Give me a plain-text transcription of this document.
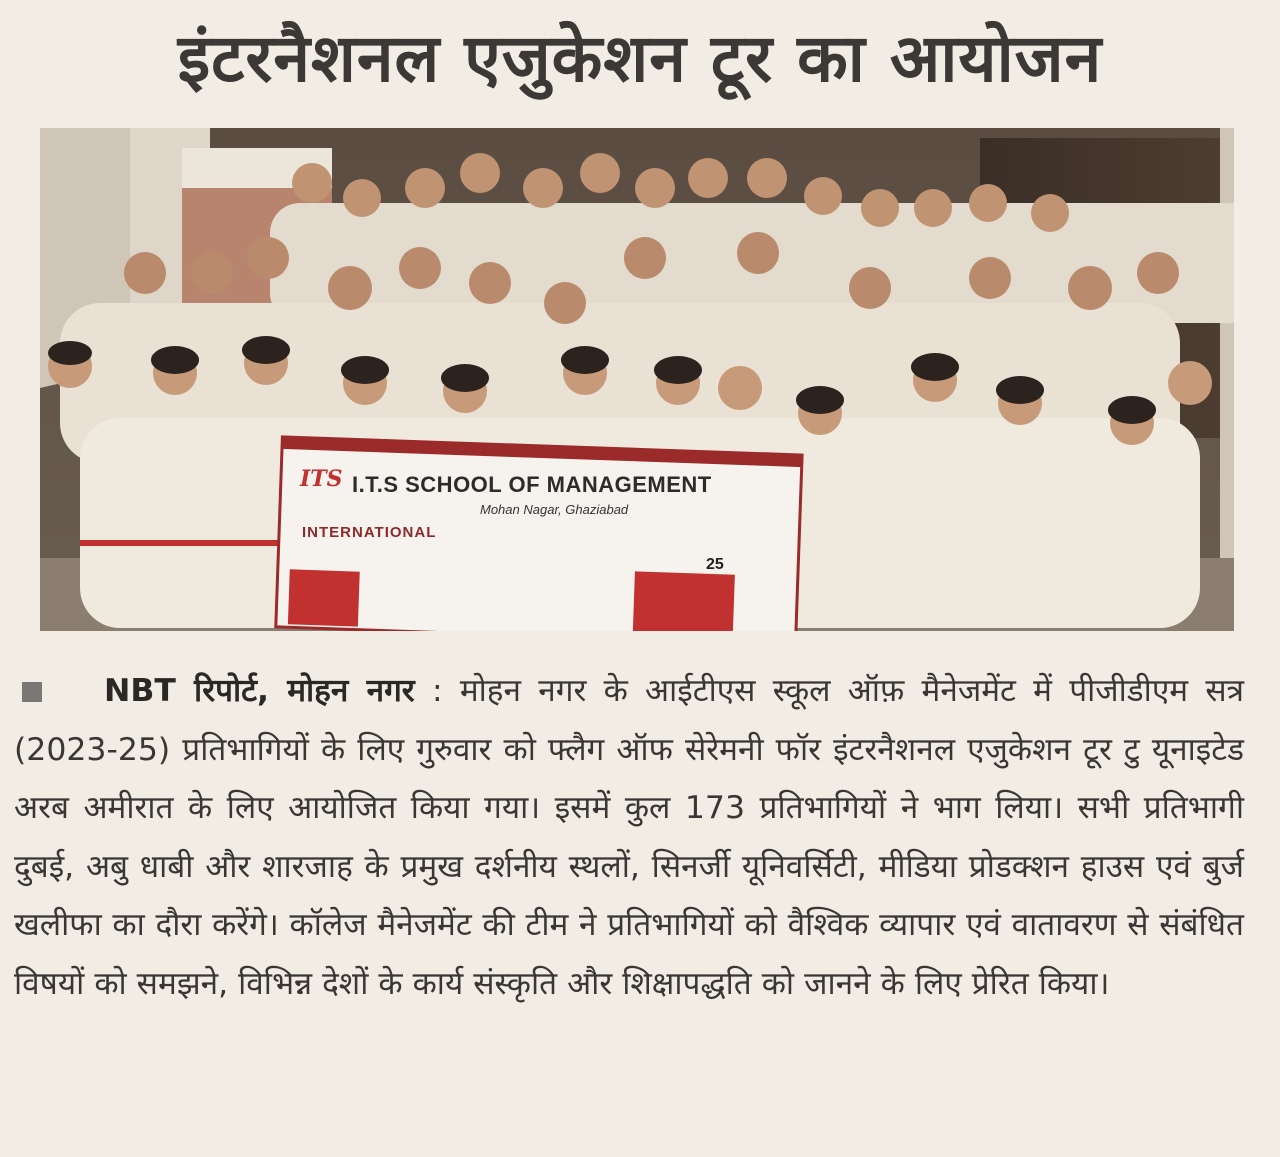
इंटरनैशनल एजुकेशन टूर का आयोजन
ITS I.T.S SCHOOL OF MANAGEMENT
Mohan Nagar, Ghaziabad
INTERNATIONAL
25
NBT रिपोर्ट, मोहन नगर : मोहन नगर के आईटीएस स्कूल ऑफ़ मैनेजमेंट में पीजीडीएम सत्र (2023-25) प्रतिभागियों के लिए गुरुवार को फ्लैग ऑफ सेरेमनी फॉर इंटरनैशनल एजुकेशन टूर टु यूनाइटेड अरब अमीरात के लिए आयोजित किया गया। इसमें कुल 173 प्रतिभागियों ने भाग लिया। सभी प्रतिभागी दुबई, अबु धाबी और शारजाह के प्रमुख दर्शनीय स्थलों, सिनर्जी यूनिवर्सिटी, मीडिया प्रोडक्शन हाउस एवं बुर्ज खलीफा का दौरा करेंगे। कॉलेज मैनेजमेंट की टीम ने प्रतिभागियों को वैश्विक व्यापार एवं वातावरण से संबंधित विषयों को समझने, विभिन्न देशों के कार्य संस्कृति और शिक्षापद्धति को जानने के लिए प्रेरित किया।
